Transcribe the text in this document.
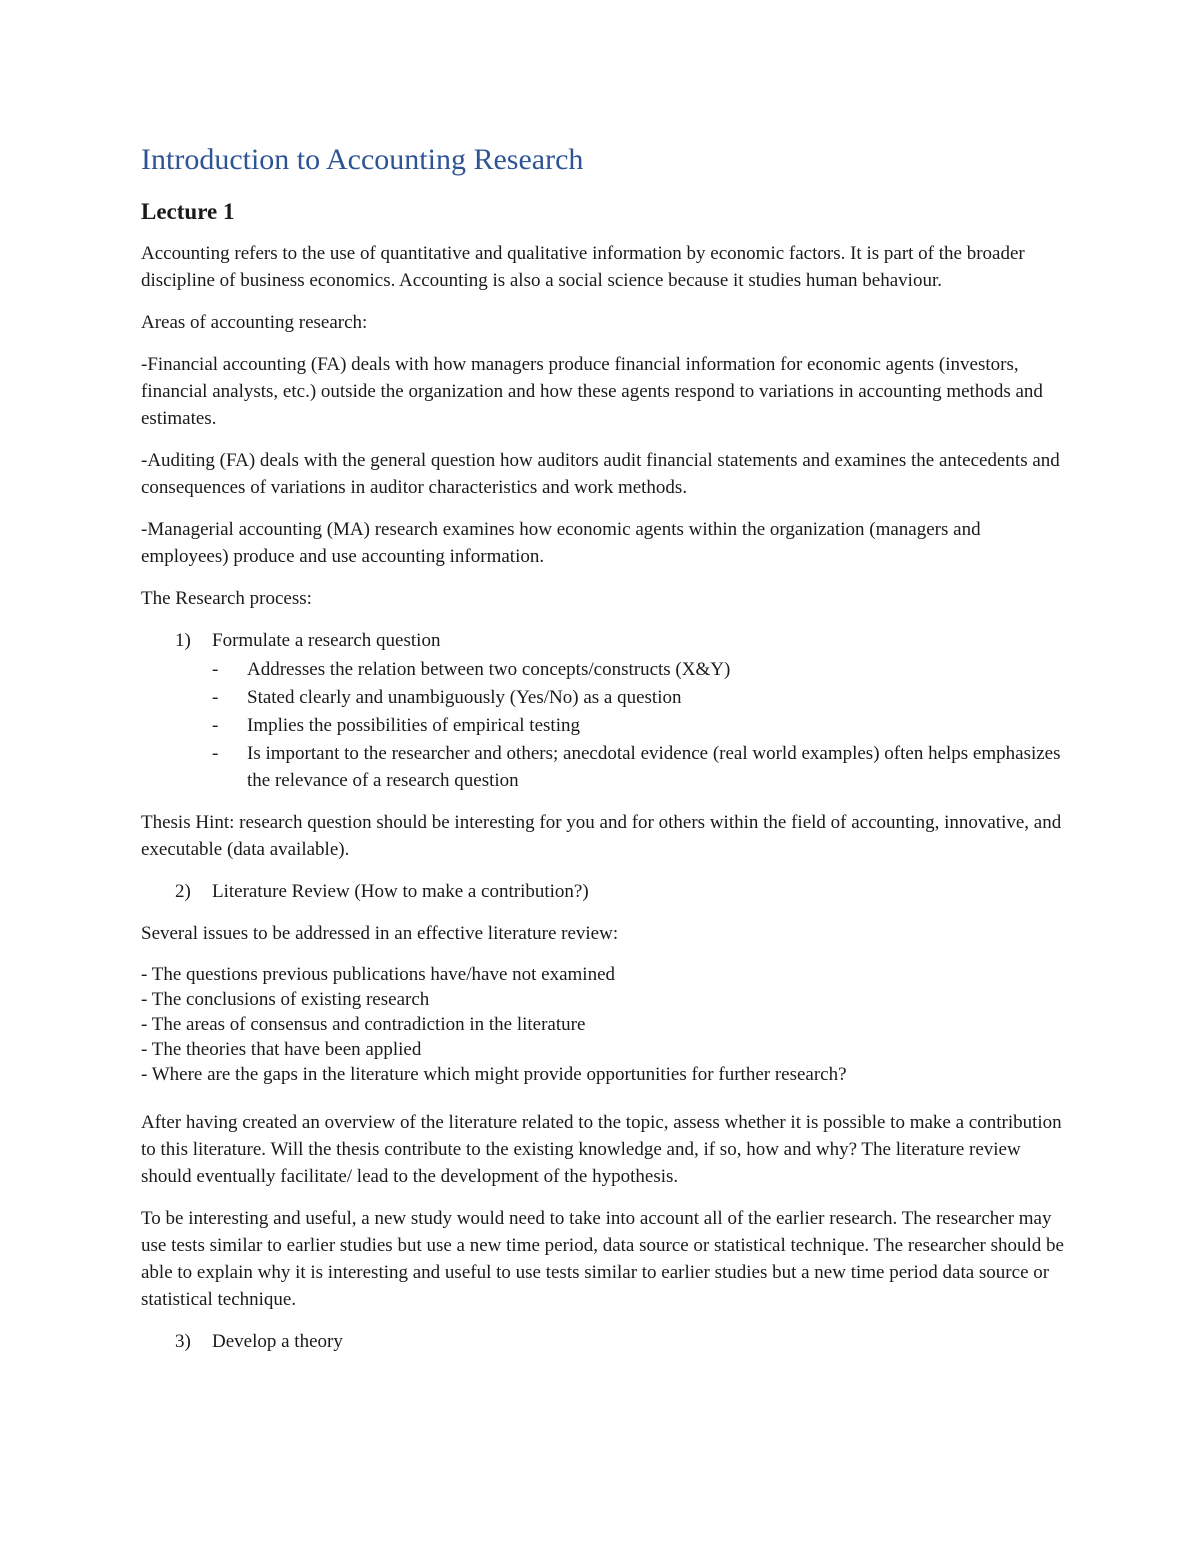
Introduction to Accounting Research
Lecture 1

Accounting refers to the use of quantitative and qualitative information by economic factors. It is part of the broader discipline of business economics. Accounting is also a social science because it studies human behaviour.

Areas of accounting research:

-Financial accounting (FA) deals with how managers produce financial information for economic agents (investors, financial analysts, etc.) outside the organization and how these agents respond to variations in accounting methods and estimates.

-Auditing (FA) deals with the general question how auditors audit financial statements and examines the antecedents and consequences of variations in auditor characteristics and work methods.

-Managerial accounting (MA) research examines how economic agents within the organization (managers and employees) produce and use accounting information.

The Research process:

1)	Formulate a research question
-	Addresses the relation between two concepts/constructs (X&Y)
-	Stated clearly and unambiguously (Yes/No) as a question
-	Implies the possibilities of empirical testing
-	Is important to the researcher and others; anecdotal evidence (real world examples) often helps emphasizes the relevance of a research question

Thesis Hint: research question should be interesting for you and for others within the field of accounting, innovative, and executable (data available).

2)	Literature Review (How to make a contribution?)

Several issues to be addressed in an effective literature review:

- The questions previous publications have/have not examined
- The conclusions of existing research
- The areas of consensus and contradiction in the literature
- The theories that have been applied
- Where are the gaps in the literature which might provide opportunities for further research?

After having created an overview of the literature related to the topic, assess whether it is possible to make a contribution to this literature. Will the thesis contribute to the existing knowledge and, if so, how and why? The literature review should eventually facilitate/ lead to the development of the hypothesis.

To be interesting and useful, a new study would need to take into account all of the earlier research. The researcher may use tests similar to earlier studies but use a new time period, data source or statistical technique. The researcher should be able to explain why it is interesting and useful to use tests similar to earlier studies but a new time period data source or statistical technique.

3)	Develop a theory
